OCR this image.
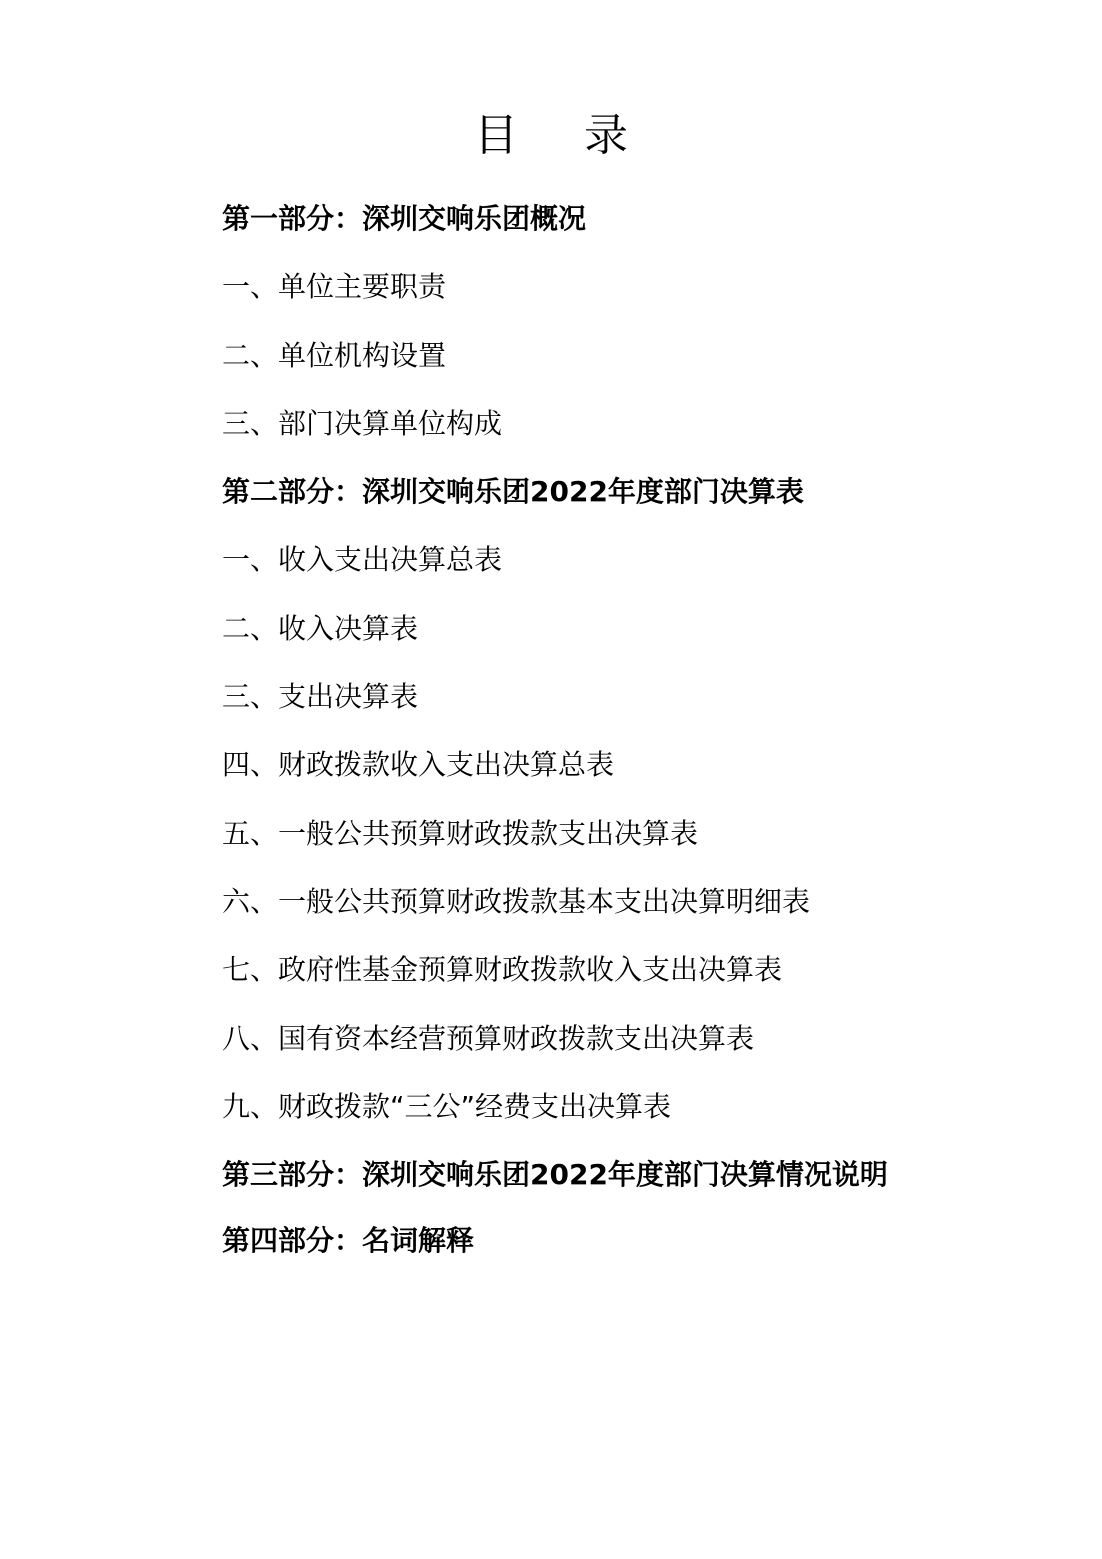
目 录
第一部分：深圳交响乐团概况
一、单位主要职责
二、单位机构设置
三、部门决算单位构成
第二部分：深圳交响乐团2022年度部门决算表
一、收入支出决算总表
二、收入决算表
三、支出决算表
四、财政拨款收入支出决算总表
五、一般公共预算财政拨款支出决算表
六、一般公共预算财政拨款基本支出决算明细表
七、政府性基金预算财政拨款收入支出决算表
八、国有资本经营预算财政拨款支出决算表
九、财政拨款“三公”经费支出决算表
第三部分：深圳交响乐团2022年度部门决算情况说明
第四部分：名词解释
